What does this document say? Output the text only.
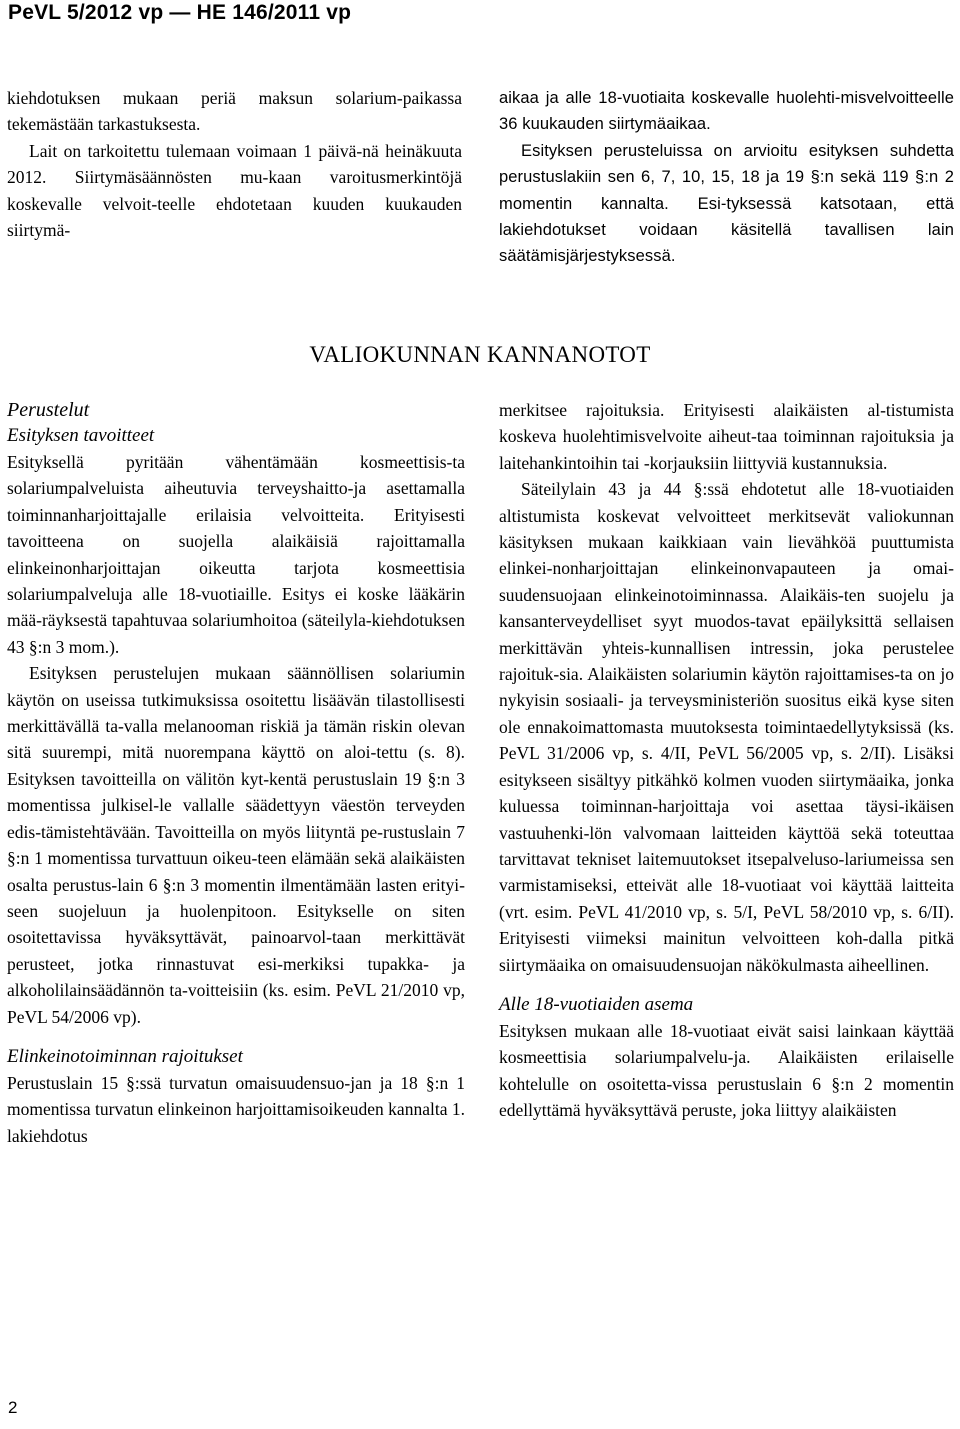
PeVL 5/2012 vp — HE 146/2011 vp

kiehdotuksen mukaan periä maksun solarium-paikassa tekemästään tarkastuksesta.

Lait on tarkoitettu tulemaan voimaan 1 päivä-nä heinäkuuta 2012. Siirtymäsäännösten mu-kaan varoitusmerkintöjä koskevalle velvoit-teelle ehdotetaan kuuden kuukauden siirtymä-

aikaa ja alle 18-vuotiaita koskevalle huolehti-misvelvoitteelle 36 kuukauden siirtymäaikaa.

Esityksen perusteluissa on arvioitu esityksen suhdetta perustuslakiin sen 6, 7, 10, 15, 18 ja 19 §:n sekä 119 §:n 2 momentin kannalta. Esi-tyksessä katsotaan, että lakiehdotukset voidaan käsitellä tavallisen lain säätämisjärjestyksessä.

VALIOKUNNAN KANNANOTOT

Perustelut

Esityksen tavoitteet

Esityksellä pyritään vähentämään kosmeettisis-ta solariumpalveluista aiheutuvia terveyshaitto-ja asettamalla toiminnanharjoittajalle erilaisia velvoitteita. Erityisesti tavoitteena on suojella alaikäisiä rajoittamalla elinkeinonharjoittajan oikeutta tarjota kosmeettisia solariumpalveluja alle 18-vuotiaille. Esitys ei koske lääkärin mää-räyksestä tapahtuvaa solariumhoitoa (säteilyla-kiehdotuksen 43 §:n 3 mom.).

Esityksen perustelujen mukaan säännöllisen solariumin käytön on useissa tutkimuksissa osoitettu lisäävän tilastollisesti merkittävällä ta-valla melanooman riskiä ja tämän riskin olevan sitä suurempi, mitä nuorempana käyttö on aloi-tettu (s. 8). Esityksen tavoitteilla on välitön kyt-kentä perustuslain 19 §:n 3 momentissa julkisel-le vallalle säädettyyn väestön terveyden edis-tämistehtävään. Tavoitteilla on myös liityntä pe-rustuslain 7 §:n 1 momentissa turvattuun oikeu-teen elämään sekä alaikäisten osalta perustus-lain 6 §:n 3 momentin ilmentämään lasten erityi-seen suojeluun ja huolenpitoon. Esitykselle on siten osoitettavissa hyväksyttävät, painoarvol-taan merkittävät perusteet, jotka rinnastuvat esi-merkiksi tupakka- ja alkoholilainsäädännön ta-voitteisiin (ks. esim. PeVL 21/2010 vp, PeVL 54/2006 vp).

Elinkeinotoiminnan rajoitukset

Perustuslain 15 §:ssä turvatun omaisuudensuo-jan ja 18 §:n 1 momentissa turvatun elinkeinon harjoittamisoikeuden kannalta 1. lakiehdotus

merkitsee rajoituksia. Erityisesti alaikäisten al-tistumista koskeva huolehtimisvelvoite aiheut-taa toiminnan rajoituksia ja laitehankintoihin tai -korjauksiin liittyviä kustannuksia.

Säteilylain 43 ja 44 §:ssä ehdotetut alle 18-vuotiaiden altistumista koskevat velvoitteet merkitsevät valiokunnan käsityksen mukaan kaikkiaan vain lievähköä puuttumista elinkei-nonharjoittajan elinkeinonvapauteen ja omai-suudensuojaan elinkeinotoiminnassa. Alaikäis-ten suojelu ja kansanterveydelliset syyt muodos-tavat epäilyksittä sellaisen merkittävän yhteis-kunnallisen intressin, joka perustelee rajoituk-sia. Alaikäisten solariumin käytön rajoittamises-ta on jo nykyisin sosiaali- ja terveysministeriön suositus eikä kyse siten ole ennakoimattomasta muutoksesta toimintaedellytyksissä (ks. PeVL 31/2006 vp, s. 4/II, PeVL 56/2005 vp, s. 2/II). Lisäksi esitykseen sisältyy pitkähkö kolmen vuoden siirtymäaika, jonka kuluessa toiminnan-harjoittaja voi asettaa täysi-ikäisen vastuuhenki-lön valvomaan laitteiden käyttöä sekä toteuttaa tarvittavat tekniset laitemuutokset itsepalveluso-lariumeissa sen varmistamiseksi, etteivät alle 18-vuotiaat voi käyttää laitteita (vrt. esim. PeVL 41/2010 vp, s. 5/I, PeVL 58/2010 vp, s. 6/II). Erityisesti viimeksi mainitun velvoitteen koh-dalla pitkä siirtymäaika on omaisuudensuojan näkökulmasta aiheellinen.

Alle 18-vuotiaiden asema

Esityksen mukaan alle 18-vuotiaat eivät saisi lainkaan käyttää kosmeettisia solariumpalvelu-ja. Alaikäisten erilaiselle kohtelulle on osoitetta-vissa perustuslain 6 §:n 2 momentin edellyttämä hyväksyttävä peruste, joka liittyy alaikäisten

2
